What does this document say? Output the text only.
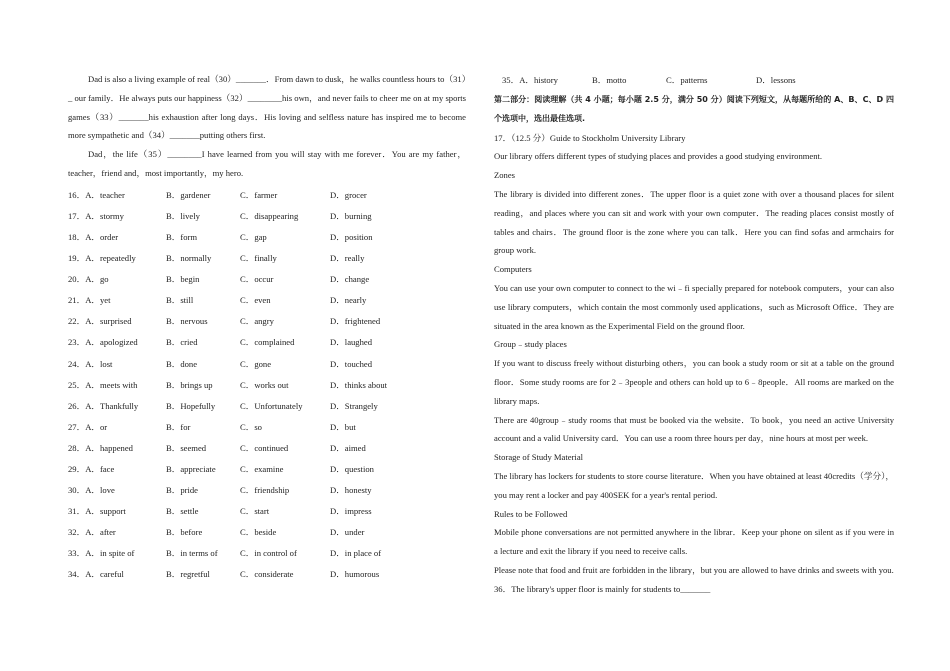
Dad is also a living example of real（30）_______．From dawn to dusk，he walks countless hours to（31）_ our family．He always puts our happiness（32）________his own，and never fails to cheer me on at my sports games（33）_______his exhaustion after long days．His loving and selfless nature has inspired me to become more sympathetic and（34）_______putting others first.

Dad，the life（35）________I have learned from you will stay with me forever．You are my father，teacher，friend and，most importantly，my hero.

16．A．teacher	B．gardener	C．farmer	D．grocer
17．A．stormy	B．lively	C．disappearing	D．burning
18．A．order	B．form	C．gap	D．position
19．A．repeatedly	B．normally	C．finally	D．really
20．A．go	B．begin	C．occur	D．change
21．A．yet	B．still	C．even	D．nearly
22．A．surprised	B．nervous	C．angry	D．frightened
23．A．apologized	B．cried	C．complained	D．laughed
24．A．lost	B．done	C．gone	D．touched
25．A．meets with	B．brings up	C．works out	D．thinks about
26．A．Thankfully	B．Hopefully	C．Unfortunately	D．Strangely
27．A．or	B．for	C．so	D．but
28．A．happened	B．seemed	C．continued	D．aimed
29．A．face	B．appreciate	C．examine	D．question
30．A．love	B．pride	C．friendship	D．honesty
31．A．support	B．settle	C．start	D．impress
32．A．after	B．before	C．beside	D．under
33．A．in spite of	B．in terms of	C．in control of	D．in place of
34．A．careful	B．regretful	C．considerate	D．humorous
35．A．history	B．motto	C．patterns	D．lessons

第二部分：阅读理解（共 4 小题；每小题 2.5 分，满分 50 分）阅读下列短文，从每题所给的 A、B、C、D 四个选项中，选出最佳选项.

17．（12.5 分）Guide to Stockholm University Library

Our library offers different types of studying places and provides a good studying environment.

Zones

The library is divided into different zones．The upper floor is a quiet zone with over a thousand places for silent reading，and places where you can sit and work with your own computer．The reading places consist mostly of tables and chairs．The ground floor is the zone where you can talk．Here you can find sofas and armchairs for group work.

Computers

You can use your own computer to connect to the wi﹣fi specially prepared for notebook computers，your can also use library computers，which contain the most commonly used applications，such as Microsoft Office．They are situated in the area known as the Experimental Field on the ground floor.

Group﹣study places

If you want to discuss freely without disturbing others，you can book a study room or sit at a table on the ground floor．Some study rooms are for 2﹣3people and others can hold up to 6﹣8people．All rooms are marked on the library maps.

There are 40group﹣study rooms that must be booked via the website．To book，you need an active University account and a valid University card．You can use a room three hours per day，nine hours at most per week.

Storage of Study Material

The library has lockers for students to store course literature．When you have obtained at least 40credits（学分），you may rent a locker and pay 400SEK for a year's rental period.

Rules to be Followed

Mobile phone conversations are not permitted anywhere in the librar．Keep your phone on silent as if you were in a lecture and exit the library if you need to receive calls.

Please note that food and fruit are forbidden in the library，but you are allowed to have drinks and sweets with you.

36．The library's upper floor is mainly for students to_______
